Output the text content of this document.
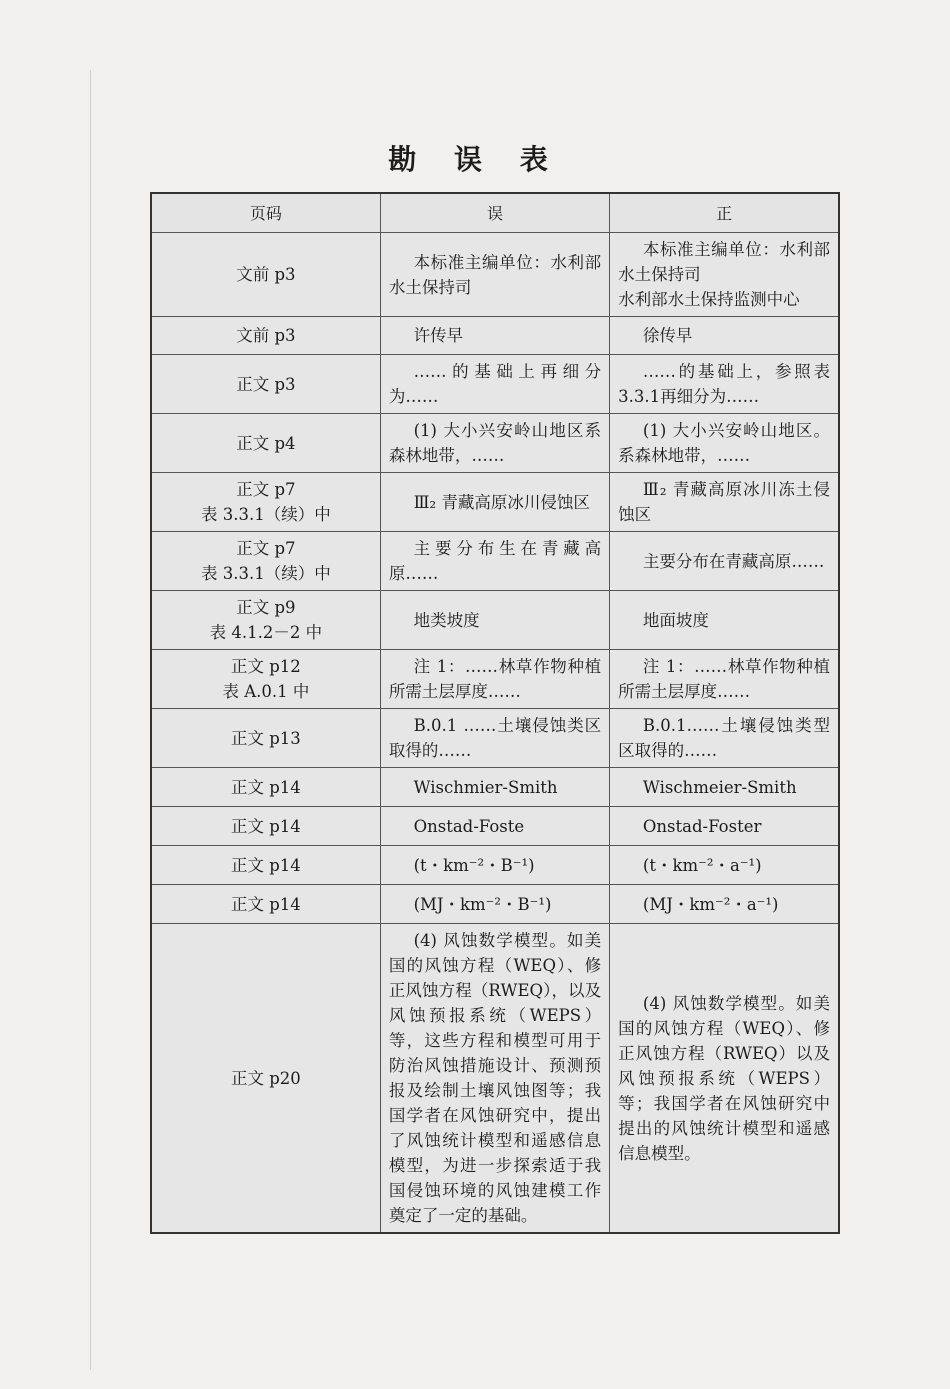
勘 误 表
页码	误	正
文前 p3	本标准主编单位：水利部水土保持司	本标准主编单位：水利部水土保持司
水利部水土保持监测中心
文前 p3	许传早	徐传早
正文 p3	……的基础上再细分为……	……的基础上，参照表3.3.1再细分为……
正文 p4	(1) 大小兴安岭山地区系森林地带，……	(1) 大小兴安岭山地区。系森林地带，……
正文 p7
表 3.3.1（续）中	Ⅲ₂ 青藏高原冰川侵蚀区	Ⅲ₂ 青藏高原冰川冻土侵蚀区
正文 p7
表 3.3.1（续）中	主要分布生在青藏高原……	主要分布在青藏高原……
正文 p9
表 4.1.2－2 中	地类坡度	地面坡度
正文 p12
表 A.0.1 中	注 1：……林草作物种植所需土层厚度……	注 1：……林草作物种植所需土层厚度……
正文 p13	B.0.1 ……土壤侵蚀类区取得的……	B.0.1……土壤侵蚀类型区取得的……
正文 p14	Wischmier-Smith	Wischmeier-Smith
正文 p14	Onstad-Foste	Onstad-Foster
正文 p14	(t・km⁻²・B⁻¹)	(t・km⁻²・a⁻¹)
正文 p14	(MJ・km⁻²・B⁻¹)	(MJ・km⁻²・a⁻¹)
正文 p20	(4) 风蚀数学模型。如美国的风蚀方程（WEQ）、修正风蚀方程（RWEQ），以及风蚀预报系统（WEPS）等，这些方程和模型可用于防治风蚀措施设计、预测预报及绘制土壤风蚀图等；我国学者在风蚀研究中，提出了风蚀统计模型和遥感信息模型，为进一步探索适于我国侵蚀环境的风蚀建模工作奠定了一定的基础。	(4) 风蚀数学模型。如美国的风蚀方程（WEQ）、修正风蚀方程（RWEQ）以及风蚀预报系统（WEPS）等；我国学者在风蚀研究中提出的风蚀统计模型和遥感信息模型。
